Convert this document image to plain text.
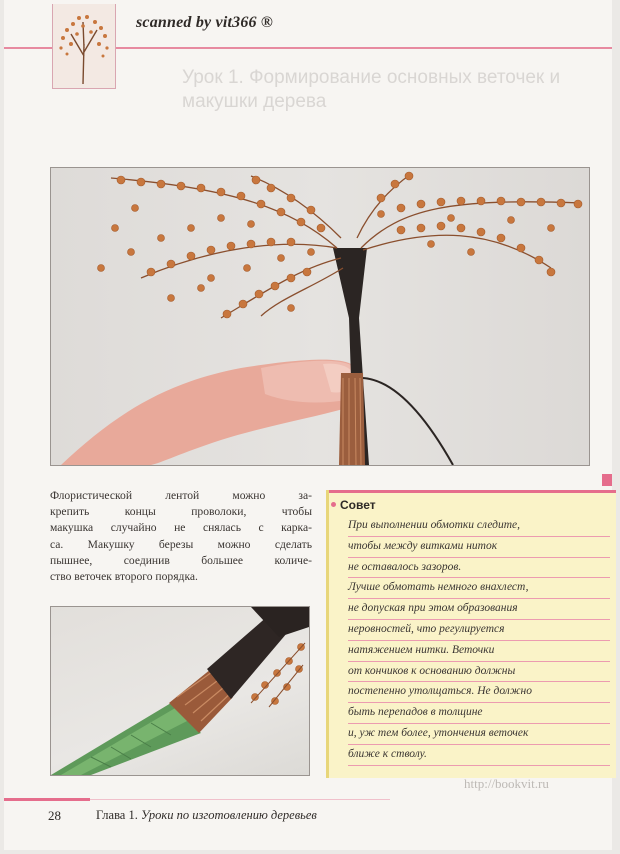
scanned by vit366 ®
Урок 1. Формирование основных веточек и макушки дерева
Флористической лентой можно за-
крепить концы проволоки, чтобы
макушка случайно не снялась с карка-
са. Макушку березы можно сделать
пышнее, соединив большее количе-
ство веточек второго порядка.
Совет
При выполнении обмотки следите,
чтобы между витками ниток
не оставалось зазоров.
Лучше обмотать немного внахлест,
не допуская при этом образования
неровностей, что регулируется
натяжением нитки. Веточки
от кончиков к основанию должны
постепенно утолщаться. Не должно
быть перепадов в толщине
и, уж тем более, утончения веточек
ближе к стволу.
http://bookvit.ru
28	Глава 1. Уроки по изготовлению деревьев
